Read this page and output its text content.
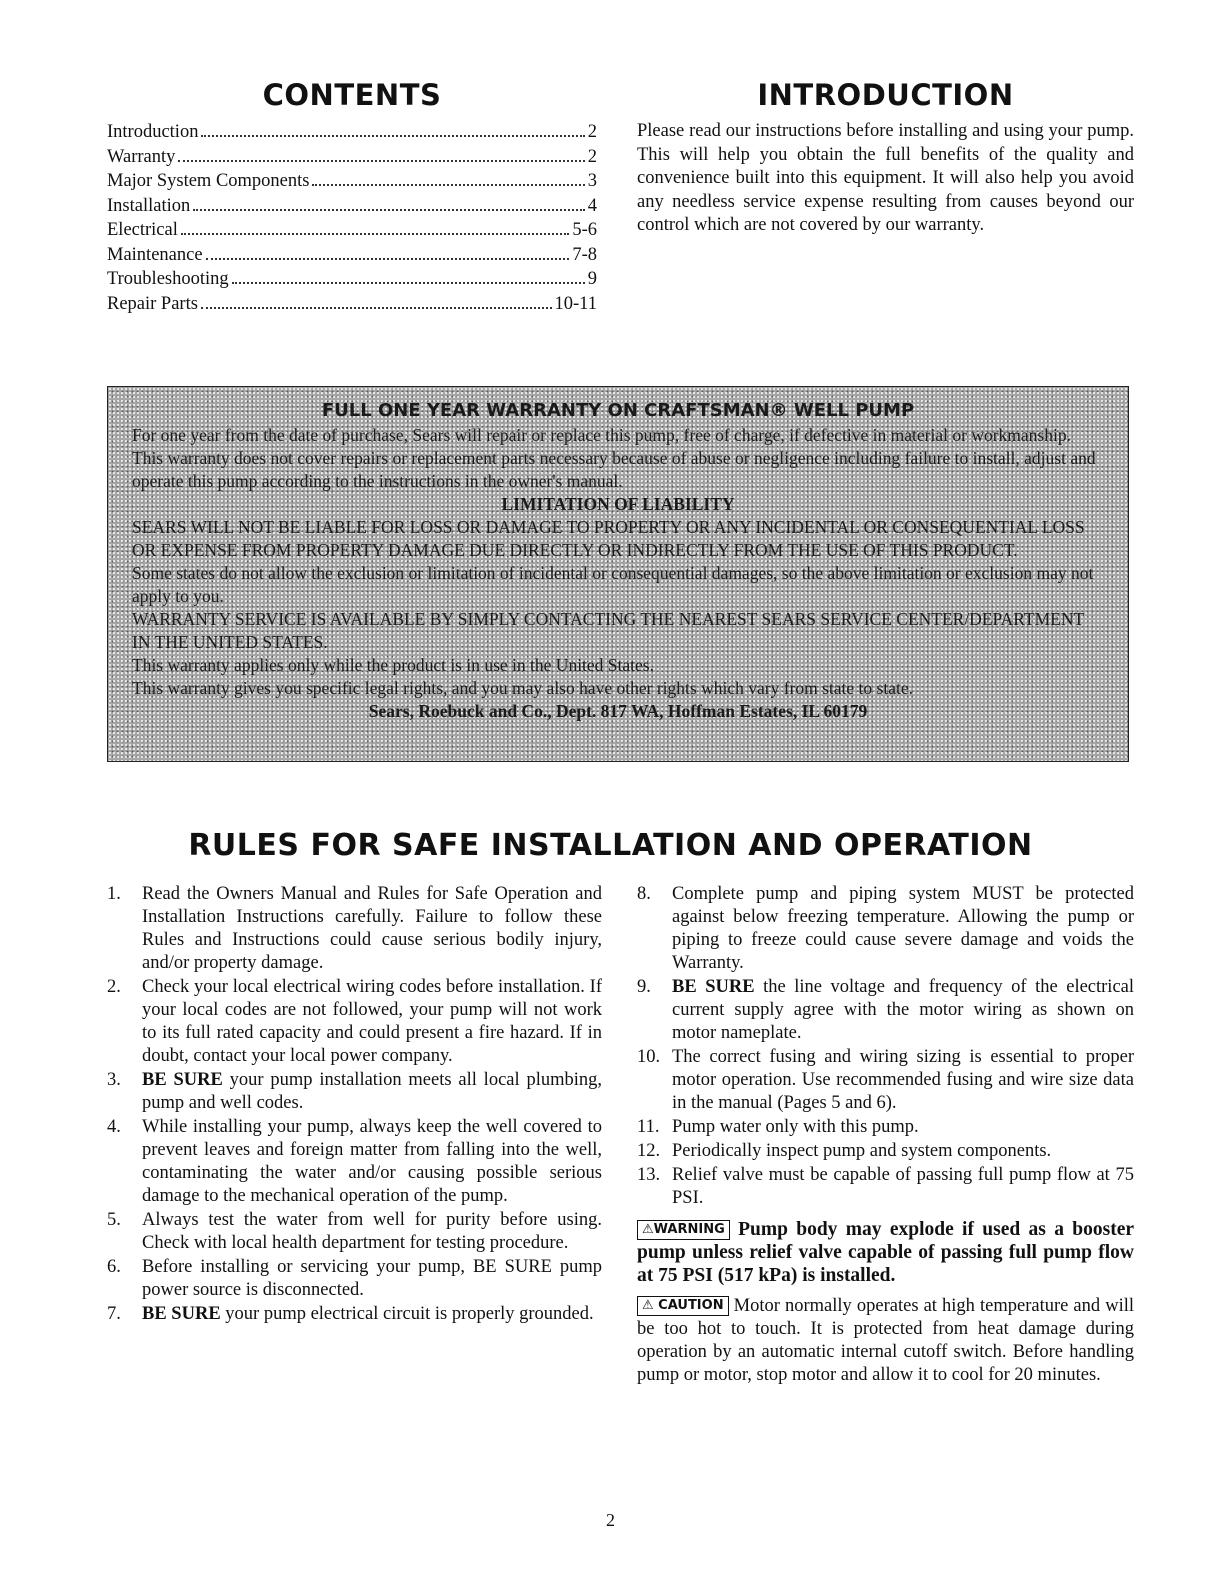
CONTENTS
Introduction	2
Warranty	2
Major System Components	3
Installation	4
Electrical	5-6
Maintenance	7-8
Troubleshooting	9
Repair Parts	10-11
INTRODUCTION

Please read our instructions before installing and using your pump. This will help you obtain the full benefits of the quality and convenience built into this equipment. It will also help you avoid any needless service expense resulting from causes beyond our control which are not covered by our warranty.

FULL ONE YEAR WARRANTY ON CRAFTSMAN® WELL PUMP

For one year from the date of purchase, Sears will repair or replace this pump, free of charge, if defective in material or workmanship.

This warranty does not cover repairs or replacement parts necessary because of abuse or negligence including failure to install, adjust and operate this pump according to the instructions in the owner's manual.

LIMITATION OF LIABILITY

SEARS WILL NOT BE LIABLE FOR LOSS OR DAMAGE TO PROPERTY OR ANY INCIDENTAL OR CONSEQUENTIAL LOSS OR EXPENSE FROM PROPERTY DAMAGE DUE DIRECTLY OR INDIRECTLY FROM THE USE OF THIS PRODUCT.

Some states do not allow the exclusion or limitation of incidental or consequential damages, so the above limitation or exclusion may not apply to you.

WARRANTY SERVICE IS AVAILABLE BY SIMPLY CONTACTING THE NEAREST SEARS SERVICE CENTER/DEPARTMENT IN THE UNITED STATES.

This warranty applies only while the product is in use in the United States.

This warranty gives you specific legal rights, and you may also have other rights which vary from state to state.

Sears, Roebuck and Co., Dept. 817 WA, Hoffman Estates, IL 60179

RULES FOR SAFE INSTALLATION AND OPERATION
1.	Read the Owners Manual and Rules for Safe Operation and Installation Instructions carefully. Failure to follow these Rules and Instructions could cause serious bodily injury, and/or property damage.
2.	Check your local electrical wiring codes before installation. If your local codes are not followed, your pump will not work to its full rated capacity and could present a fire hazard. If in doubt, contact your local power company.
3.	BE SURE your pump installation meets all local plumbing, pump and well codes.
4.	While installing your pump, always keep the well covered to prevent leaves and foreign matter from falling into the well, contaminating the water and/or causing possible serious damage to the mechanical operation of the pump.
5.	Always test the water from well for purity before using. Check with local health department for testing procedure.
6.	Before installing or servicing your pump, BE SURE pump power source is disconnected.
7.	BE SURE your pump electrical circuit is properly grounded.
8.	Complete pump and piping system MUST be protected against below freezing temperature. Allowing the pump or piping to freeze could cause severe damage and voids the Warranty.
9.	BE SURE the line voltage and frequency of the electrical current supply agree with the motor wiring as shown on motor nameplate.
10. The correct fusing and wiring sizing is essential to proper motor operation. Use recommended fusing and wire size data in the manual (Pages 5 and 6).
11. Pump water only with this pump.
12. Periodically inspect pump and system components.
13. Relief valve must be capable of passing full pump flow at 75 PSI.
⚠WARNING Pump body may explode if used as a booster pump unless relief valve capable of passing full pump flow at 75 PSI (517 kPa) is installed.
⚠ CAUTION Motor normally operates at high temperature and will be too hot to touch. It is protected from heat damage during operation by an automatic internal cutoff switch. Before handling pump or motor, stop motor and allow it to cool for 20 minutes.
2
